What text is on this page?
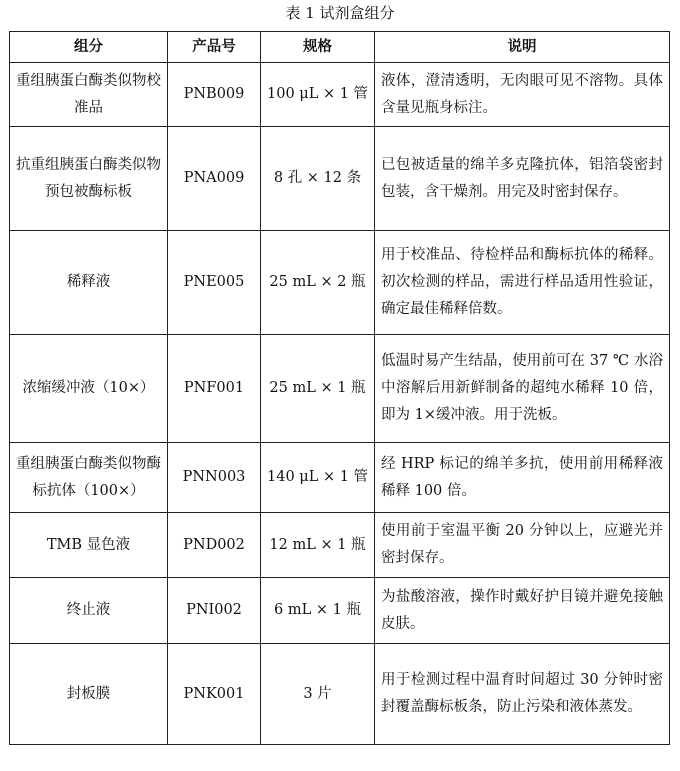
表 1 试剂盒组分
组分	产品号	规格	说明
重组胰蛋白酶类似物校准品	PNB009	100 μL × 1 管	液体，澄清透明，无肉眼可见不溶物。具体含量见瓶身标注。
抗重组胰蛋白酶类似物预包被酶标板	PNA009	8 孔 × 12 条	已包被适量的绵羊多克隆抗体，铝箔袋密封包装，含干燥剂。用完及时密封保存。
稀释液	PNE005	25 mL × 2 瓶	用于校准品、待检样品和酶标抗体的稀释。初次检测的样品，需进行样品适用性验证，确定最佳稀释倍数。
浓缩缓冲液（10×）	PNF001	25 mL × 1 瓶	低温时易产生结晶，使用前可在 37 ℃ 水浴中溶解后用新鲜制备的超纯水稀释 10 倍，即为 1×缓冲液。用于洗板。
重组胰蛋白酶类似物酶标抗体（100×）	PNN003	140 μL × 1 管	经 HRP 标记的绵羊多抗，使用前用稀释液稀释 100 倍。
TMB 显色液	PND002	12 mL × 1 瓶	使用前于室温平衡 20 分钟以上，应避光并密封保存。
终止液	PNI002	6 mL × 1 瓶	为盐酸溶液，操作时戴好护目镜并避免接触皮肤。
封板膜	PNK001	3 片	用于检测过程中温育时间超过 30 分钟时密封覆盖酶标板条，防止污染和液体蒸发。
